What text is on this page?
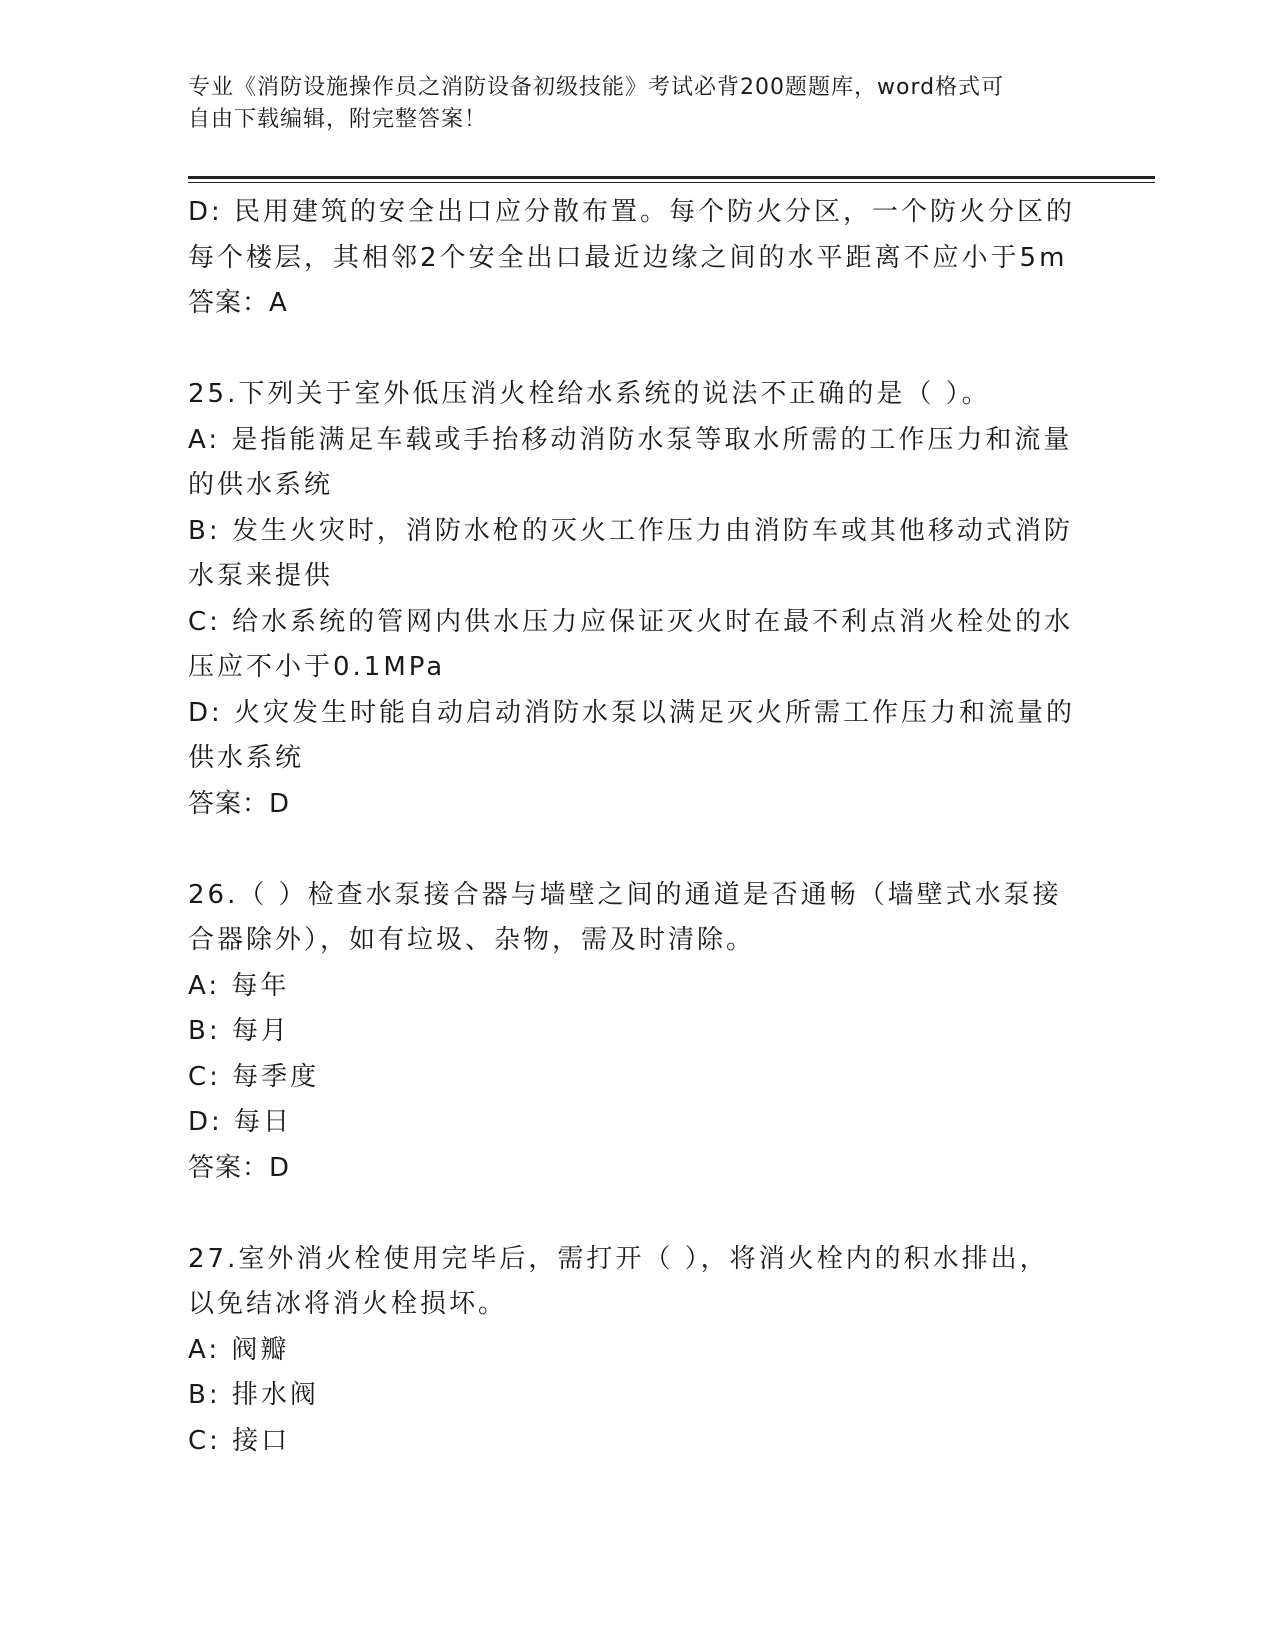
专业《消防设施操作员之消防设备初级技能》考试必背200题题库，word格式可
自由下载编辑，附完整答案！
D: 民用建筑的安全出口应分散布置。每个防火分区，一个防火分区的
每个楼层，其相邻2个安全出口最近边缘之间的水平距离不应小于5m
答案：A
25.下列关于室外低压消火栓给水系统的说法不正确的是（ ）。
A: 是指能满足车载或手抬移动消防水泵等取水所需的工作压力和流量
的供水系统
B: 发生火灾时，消防水枪的灭火工作压力由消防车或其他移动式消防
水泵来提供
C: 给水系统的管网内供水压力应保证灭火时在最不利点消火栓处的水
压应不小于0.1MPa
D: 火灾发生时能自动启动消防水泵以满足灭火所需工作压力和流量的
供水系统
答案：D
26.（ ）检查水泵接合器与墙壁之间的通道是否通畅（墙壁式水泵接
合器除外），如有垃圾、杂物，需及时清除。
A: 每年
B: 每月
C: 每季度
D: 每日
答案：D
27.室外消火栓使用完毕后，需打开（ ），将消火栓内的积水排出，
以免结冰将消火栓损坏。
A: 阀瓣
B: 排水阀
C: 接口
